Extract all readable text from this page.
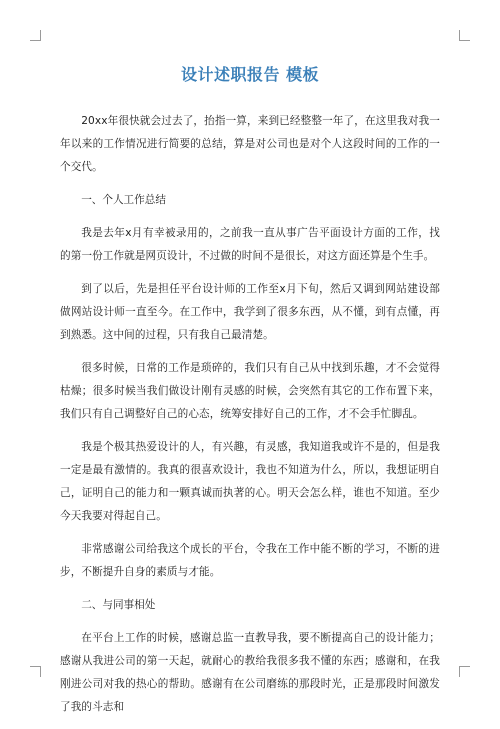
设计述职报告 模板

20xx年很快就会过去了，抬指一算，来到已经整整一年了，在这里我对我一年以来的工作情况进行简要的总结，算是对公司也是对个人这段时间的工作的一个交代。

一、个人工作总结

我是去年x月有幸被录用的，之前我一直从事广告平面设计方面的工作，找的第一份工作就是网页设计，不过做的时间不是很长，对这方面还算是个生手。

到了以后，先是担任平台设计师的工作至x月下旬，然后又调到网站建设部做网站设计师一直至今。在工作中，我学到了很多东西，从不懂，到有点懂，再到熟悉。这中间的过程，只有我自己最清楚。

很多时候，日常的工作是琐碎的，我们只有自己从中找到乐趣，才不会觉得枯燥；很多时候当我们做设计刚有灵感的时候，会突然有其它的工作布置下来，我们只有自己调整好自己的心态，统筹安排好自己的工作，才不会手忙脚乱。

我是个极其热爱设计的人，有兴趣，有灵感，我知道我或许不是的，但是我一定是最有激情的。我真的很喜欢设计，我也不知道为什么，所以，我想证明自己，证明自己的能力和一颗真诚而执著的心。明天会怎么样，谁也不知道。至少今天我要对得起自己。

非常感谢公司给我这个成长的平台，令我在工作中能不断的学习，不断的进步，不断提升自身的素质与才能。

二、与同事相处

在平台上工作的时候，感谢总监一直教导我，要不断提高自己的设计能力；感谢从我进公司的第一天起，就耐心的教给我很多我不懂的东西；感谢和，在我刚进公司对我的热心的帮助。感谢有在公司磨练的那段时光，正是那段时间激发了我的斗志和
